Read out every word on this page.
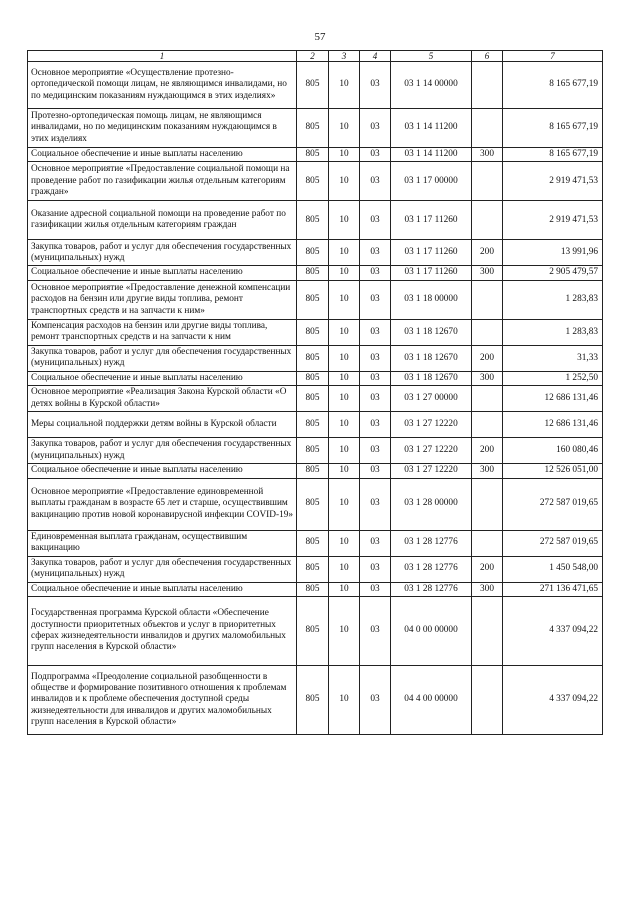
57
1	2	3	4	5	6	7
Основное мероприятие «Осуществление протезно-ортопедической помощи лицам, не являющимся инвалидами, но по медицинским показаниям нуждающимся в этих изделиях»	805	10	03	03 1 14 00000		8 165 677,19
Протезно-ортопедическая помощь лицам, не являющимся инвалидами, но по медицинским показаниям нуждающимся в этих изделиях	805	10	03	03 1 14 11200		8 165 677,19
Социальное обеспечение и иные выплаты населению	805	10	03	03 1 14 11200	300	8 165 677,19
Основное мероприятие «Предоставление социальной помощи на проведение работ по газификации жилья отдельным категориям граждан»	805	10	03	03 1 17 00000		2 919 471,53
Оказание адресной социальной помощи на проведение работ по газификации жилья отдельным категориям граждан	805	10	03	03 1 17 11260		2 919 471,53
Закупка товаров, работ и услуг для обеспечения государственных (муниципальных) нужд	805	10	03	03 1 17 11260	200	13 991,96
Социальное обеспечение и иные выплаты населению	805	10	03	03 1 17 11260	300	2 905 479,57
Основное мероприятие «Предоставление денежной компенсации расходов на бензин или другие виды топлива, ремонт транспортных средств и на запчасти к ним»	805	10	03	03 1 18 00000		1 283,83
Компенсация расходов на бензин или другие виды топлива, ремонт транспортных средств и на запчасти к ним	805	10	03	03 1 18 12670		1 283,83
Закупка товаров, работ и услуг для обеспечения государственных (муниципальных) нужд	805	10	03	03 1 18 12670	200	31,33
Социальное обеспечение и иные выплаты населению	805	10	03	03 1 18 12670	300	1 252,50
Основное мероприятие «Реализация Закона Курской области «О детях войны в Курской области»	805	10	03	03 1 27 00000		12 686 131,46
Меры социальной поддержки детям войны в Курской области	805	10	03	03 1 27 12220		12 686 131,46
Закупка товаров, работ и услуг для обеспечения государственных (муниципальных) нужд	805	10	03	03 1 27 12220	200	160 080,46
Социальное обеспечение и иные выплаты населению	805	10	03	03 1 27 12220	300	12 526 051,00
Основное мероприятие «Предоставление единовременной выплаты гражданам в возрасте 65 лет и старше, осуществившим вакцинацию против новой коронавирусной инфекции COVID-19»	805	10	03	03 1 28 00000		272 587 019,65
Единовременная выплата гражданам, осуществившим вакцинацию	805	10	03	03 1 28 12776		272 587 019,65
Закупка товаров, работ и услуг для обеспечения государственных (муниципальных) нужд	805	10	03	03 1 28 12776	200	1 450 548,00
Социальное обеспечение и иные выплаты населению	805	10	03	03 1 28 12776	300	271 136 471,65
Государственная программа Курской области «Обеспечение доступности приоритетных объектов и услуг в приоритетных сферах жизнедеятельности инвалидов и других маломобильных групп населения в Курской области»	805	10	03	04 0 00 00000		4 337 094,22
Подпрограмма «Преодоление социальной разобщенности в обществе и формирование позитивного отношения к проблемам инвалидов и к проблеме обеспечения доступной среды жизнедеятельности для инвалидов и других маломобильных групп населения в Курской области»	805	10	03	04 4 00 00000		4 337 094,22
